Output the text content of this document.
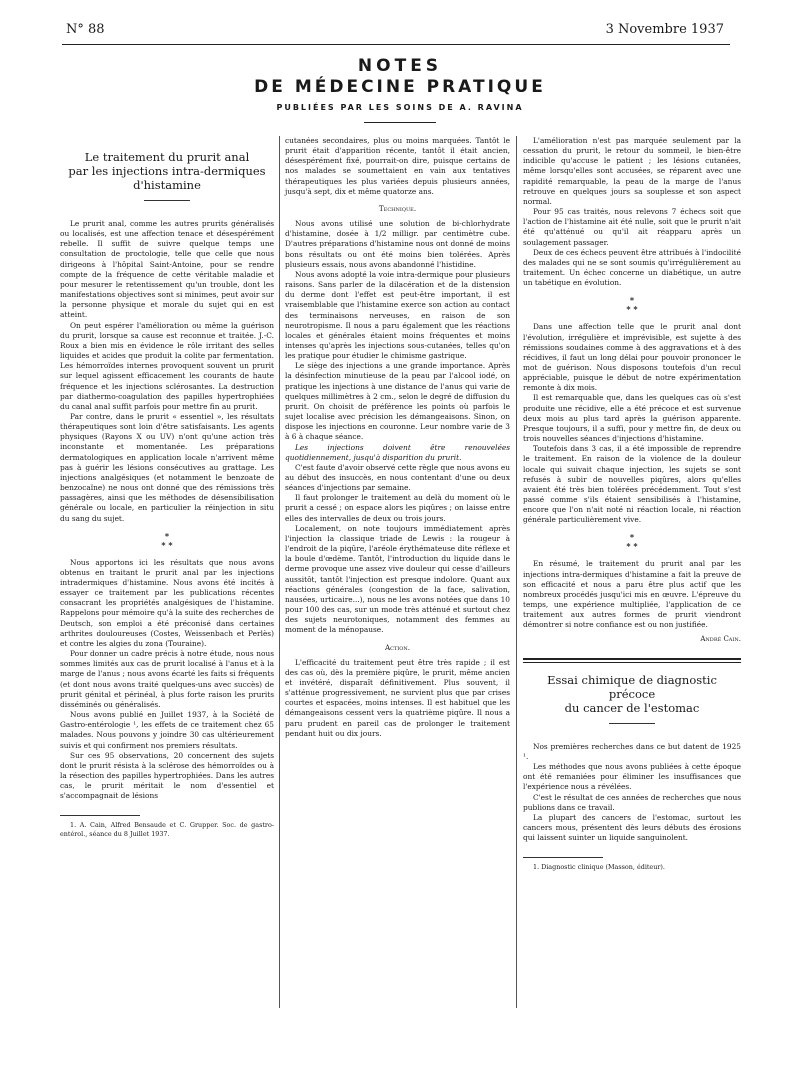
N° 88	3 Novembre 1937
NOTES
DE MÉDECINE PRATIQUE
PUBLIÉES PAR LES SOINS DE A. RAVINA
Le traitement du prurit anal
par les injections intra-dermiques
d'histamine

Le prurit anal, comme les autres prurits généralisés ou localisés, est une affection tenace et désespérément rebelle. Il suffit de suivre quelque temps une consultation de proctologie, telle que celle que nous dirigeons à l'hôpital Saint-Antoine, pour se rendre compte de la fréquence de cette véritable maladie et pour mesurer le retentissement qu'un trouble, dont les manifestations objectives sont si minimes, peut avoir sur la personne physique et morale du sujet qui en est atteint.

On peut espérer l'amélioration ou même la guérison du prurit, lorsque sa cause est reconnue et traitée. J.-C. Roux a bien mis en évidence le rôle irritant des selles liquides et acides que produit la colite par fermentation. Les hémorroïdes internes provoquent souvent un prurit sur lequel agissent efficacement les courants de haute fréquence et les injections sclérosantes. La destruction par diathermo-coagulation des papilles hypertrophiées du canal anal suffit parfois pour mettre fin au prurit.

Par contre, dans le prurit « essentiel », les résultats thérapeutiques sont loin d'être satisfaisants. Les agents physiques (Rayons X ou UV) n'ont qu'une action très inconstante et momentanée. Les préparations dermatologiques en application locale n'arrivent même pas à guérir les lésions consécutives au grattage. Les injections analgésiques (et notamment le benzoate de benzocaïne) ne nous ont donné que des rémissions très passagères, ainsi que les méthodes de désensibilisation générale ou locale, en particulier la réinjection in situ du sang du sujet.

*
* *

Nous apportons ici les résultats que nous avons obtenus en traitant le prurit anal par les injections intradermiques d'histamine. Nous avons été incités à essayer ce traitement par les publications récentes consacrant les propriétés analgésiques de l'histamine. Rappelons pour mémoire qu'à la suite des recherches de Deutsch, son emploi a été préconisé dans certaines arthrites douloureuses (Costes, Weissenbach et Perlès) et contre les algies du zona (Touraine).

Pour donner un cadre précis à notre étude, nous nous sommes limités aux cas de prurit localisé à l'anus et à la marge de l'anus ; nous avons écarté les faits si fréquents (et dont nous avons traité quelques-uns avec succès) de prurit génital et périnéal, à plus forte raison les prurits disséminés ou généralisés.

Nous avons publié en Juillet 1937, à la Société de Gastro-entérologie ¹, les effets de ce traitement chez 65 malades. Nous pouvons y joindre 30 cas ultérieurement suivis et qui confirment nos premiers résultats.

Sur ces 95 observations, 20 concernent des sujets dont le prurit résista à la sclérose des hémorroïdes ou à la résection des papilles hypertrophiées. Dans les autres cas, le prurit méritait le nom d'essentiel et s'accompagnait de lésions

1. A. Cain, Alfred Bensaude et C. Grupper. Soc. de gastro-entérol., séance du 8 Juillet 1937.

cutanées secondaires, plus ou moins marquées. Tantôt le prurit était d'apparition récente, tantôt il était ancien, désespérément fixé, pourrait-on dire, puisque certains de nos malades se soumettaient en vain aux tentatives thérapeutiques les plus variées depuis plusieurs années, jusqu'à sept, dix et même quatorze ans.

Technique.

Nous avons utilisé une solution de bi-chlorhydrate d'histamine, dosée à 1/2 milligr. par centimètre cube. D'autres préparations d'histamine nous ont donné de moins bons résultats ou ont été moins bien tolérées. Après plusieurs essais, nous avons abandonné l'histidine.

Nous avons adopté la voie intra-dermique pour plusieurs raisons. Sans parler de la dilacération et de la distension du derme dont l'effet est peut-être important, il est vraisemblable que l'histamine exerce son action au contact des terminaisons nerveuses, en raison de son neurotropisme. Il nous a paru également que les réactions locales et générales étaient moins fréquentes et moins intenses qu'après les injections sous-cutanées, telles qu'on les pratique pour étudier le chimisme gastrique.

Le siège des injections a une grande importance. Après la désinfection minutieuse de la peau par l'alcool iodé, on pratique les injections à une distance de l'anus qui varie de quelques millimètres à 2 cm., selon le degré de diffusion du prurit. On choisit de préférence les points où parfois le sujet localise avec précision les démangeaisons. Sinon, on dispose les injections en couronne. Leur nombre varie de 3 à 6 à chaque séance.

Les injections doivent être renouvelées quotidiennement, jusqu'à disparition du prurit.

C'est faute d'avoir observé cette règle que nous avons eu au début des insuccès, en nous contentant d'une ou deux séances d'injections par semaine.

Il faut prolonger le traitement au delà du moment où le prurit a cessé ; on espace alors les piqûres ; on laisse entre elles des intervalles de deux ou trois jours.

Localement, on note toujours immédiatement après l'injection la classique triade de Lewis : la rougeur à l'endroit de la piqûre, l'aréole érythémateuse dite réflexe et la boule d'œdème. Tantôt, l'introduction du liquide dans le derme provoque une assez vive douleur qui cesse d'ailleurs aussitôt, tantôt l'injection est presque indolore. Quant aux réactions générales (congestion de la face, salivation, nausées, urticaire...), nous ne les avons notées que dans 10 pour 100 des cas, sur un mode très atténué et surtout chez des sujets neurotoniques, notamment des femmes au moment de la ménopause.

Action.

L'efficacité du traitement peut être très rapide ; il est des cas où, dès la première piqûre, le prurit, même ancien et invétéré, disparaît définitivement. Plus souvent, il s'atténue progressivement, ne survient plus que par crises courtes et espacées, moins intenses. Il est habituel que les démangeaisons cessent vers la quatrième piqûre. Il nous a paru prudent en pareil cas de prolonger le traitement pendant huit ou dix jours.

L'amélioration n'est pas marquée seulement par la cessation du prurit, le retour du sommeil, le bien-être indicible qu'accuse le patient ; les lésions cutanées, même lorsqu'elles sont accusées, se réparent avec une rapidité remarquable, la peau de la marge de l'anus retrouve en quelques jours sa souplesse et son aspect normal.

Pour 95 cas traités, nous relevons 7 échecs soit que l'action de l'histamine ait été nulle, soit que le prurit n'ait été qu'atténué ou qu'il ait réapparu après un soulagement passager.

Deux de ces échecs peuvent être attribués à l'indocilité des malades qui ne se sont soumis qu'irrégulièrement au traitement. Un échec concerne un diabétique, un autre un tabétique en évolution.

*
* *

Dans une affection telle que le prurit anal dont l'évolution, irrégulière et imprévisible, est sujette à des rémissions soudaines comme à des aggravations et à des récidives, il faut un long délai pour pouvoir prononcer le mot de guérison. Nous disposons toutefois d'un recul appréciable, puisque le début de notre expérimentation remonte à dix mois.

Il est remarquable que, dans les quelques cas où s'est produite une récidive, elle a été précoce et est survenue deux mois au plus tard après la guérison apparente. Presque toujours, il a suffi, pour y mettre fin, de deux ou trois nouvelles séances d'injections d'histamine.

Toutefois dans 3 cas, il a été impossible de reprendre le traitement. En raison de la violence de la douleur locale qui suivait chaque injection, les sujets se sont refusés à subir de nouvelles piqûres, alors qu'elles avaient été très bien tolérées précédemment. Tout s'est passé comme s'ils étaient sensibilisés à l'histamine, encore que l'on n'ait noté ni réaction locale, ni réaction générale particulièrement vive.

*
* *

En résumé, le traitement du prurit anal par les injections intra-dermiques d'histamine a fait la preuve de son efficacité et nous a paru être plus actif que les nombreux procédés jusqu'ici mis en œuvre. L'épreuve du temps, une expérience multipliée, l'application de ce traitement aux autres formes de prurit viendront démontrer si notre confiance est ou non justifiée.

André Cain.
Essai chimique de diagnostic précoce
du cancer de l'estomac

Nos premières recherches dans ce but datent de 1925 ¹.

Les méthodes que nous avons publiées à cette époque ont été remaniées pour éliminer les insuffisances que l'expérience nous a révélées.

C'est le résultat de ces années de recherches que nous publions dans ce travail.

La plupart des cancers de l'estomac, surtout les cancers mous, présentent dès leurs débuts des érosions qui laissent suinter un liquide sanguinolent.

1. Diagnostic clinique (Masson, éditeur).
